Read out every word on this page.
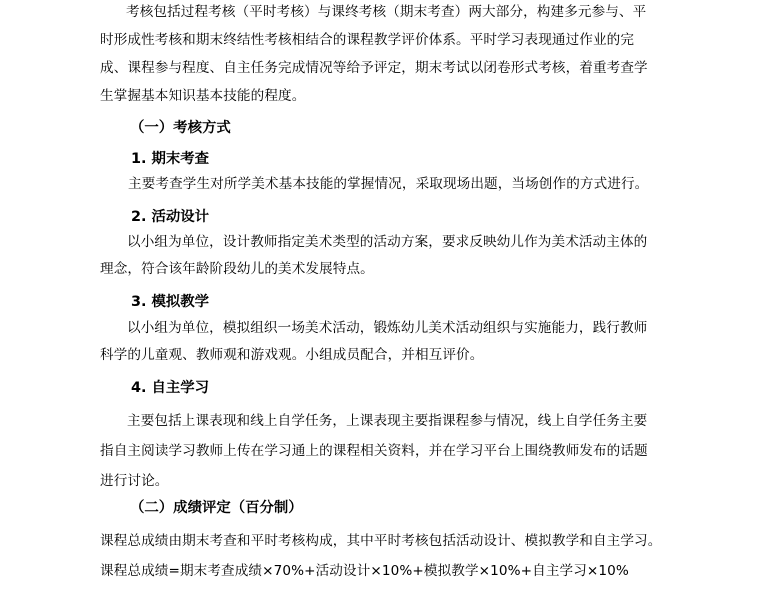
考核包括过程考核（平时考核）与课终考核（期末考查）两大部分，构建多元参与、平
时形成性考核和期末终结性考核相结合的课程教学评价体系。平时学习表现通过作业的完
成、课程参与程度、自主任务完成情况等给予评定，期末考试以闭卷形式考核，着重考查学
生掌握基本知识基本技能的程度。
（一）考核方式
1. 期末考查
主要考查学生对所学美术基本技能的掌握情况，采取现场出题，当场创作的方式进行。
2. 活动设计
以小组为单位，设计教师指定美术类型的活动方案，要求反映幼儿作为美术活动主体的
理念，符合该年龄阶段幼儿的美术发展特点。
3. 模拟教学
以小组为单位，模拟组织一场美术活动，锻炼幼儿美术活动组织与实施能力，践行教师
科学的儿童观、教师观和游戏观。小组成员配合，并相互评价。
4. 自主学习
主要包括上课表现和线上自学任务，上课表现主要指课程参与情况，线上自学任务主要
指自主阅读学习教师上传在学习通上的课程相关资料，并在学习平台上围绕教师发布的话题
进行讨论。
（二）成绩评定（百分制）
课程总成绩由期末考查和平时考核构成，其中平时考核包括活动设计、模拟教学和自主学习。
课程总成绩=期末考查成绩×70%+活动设计×10%+模拟教学×10%+自主学习×10%
